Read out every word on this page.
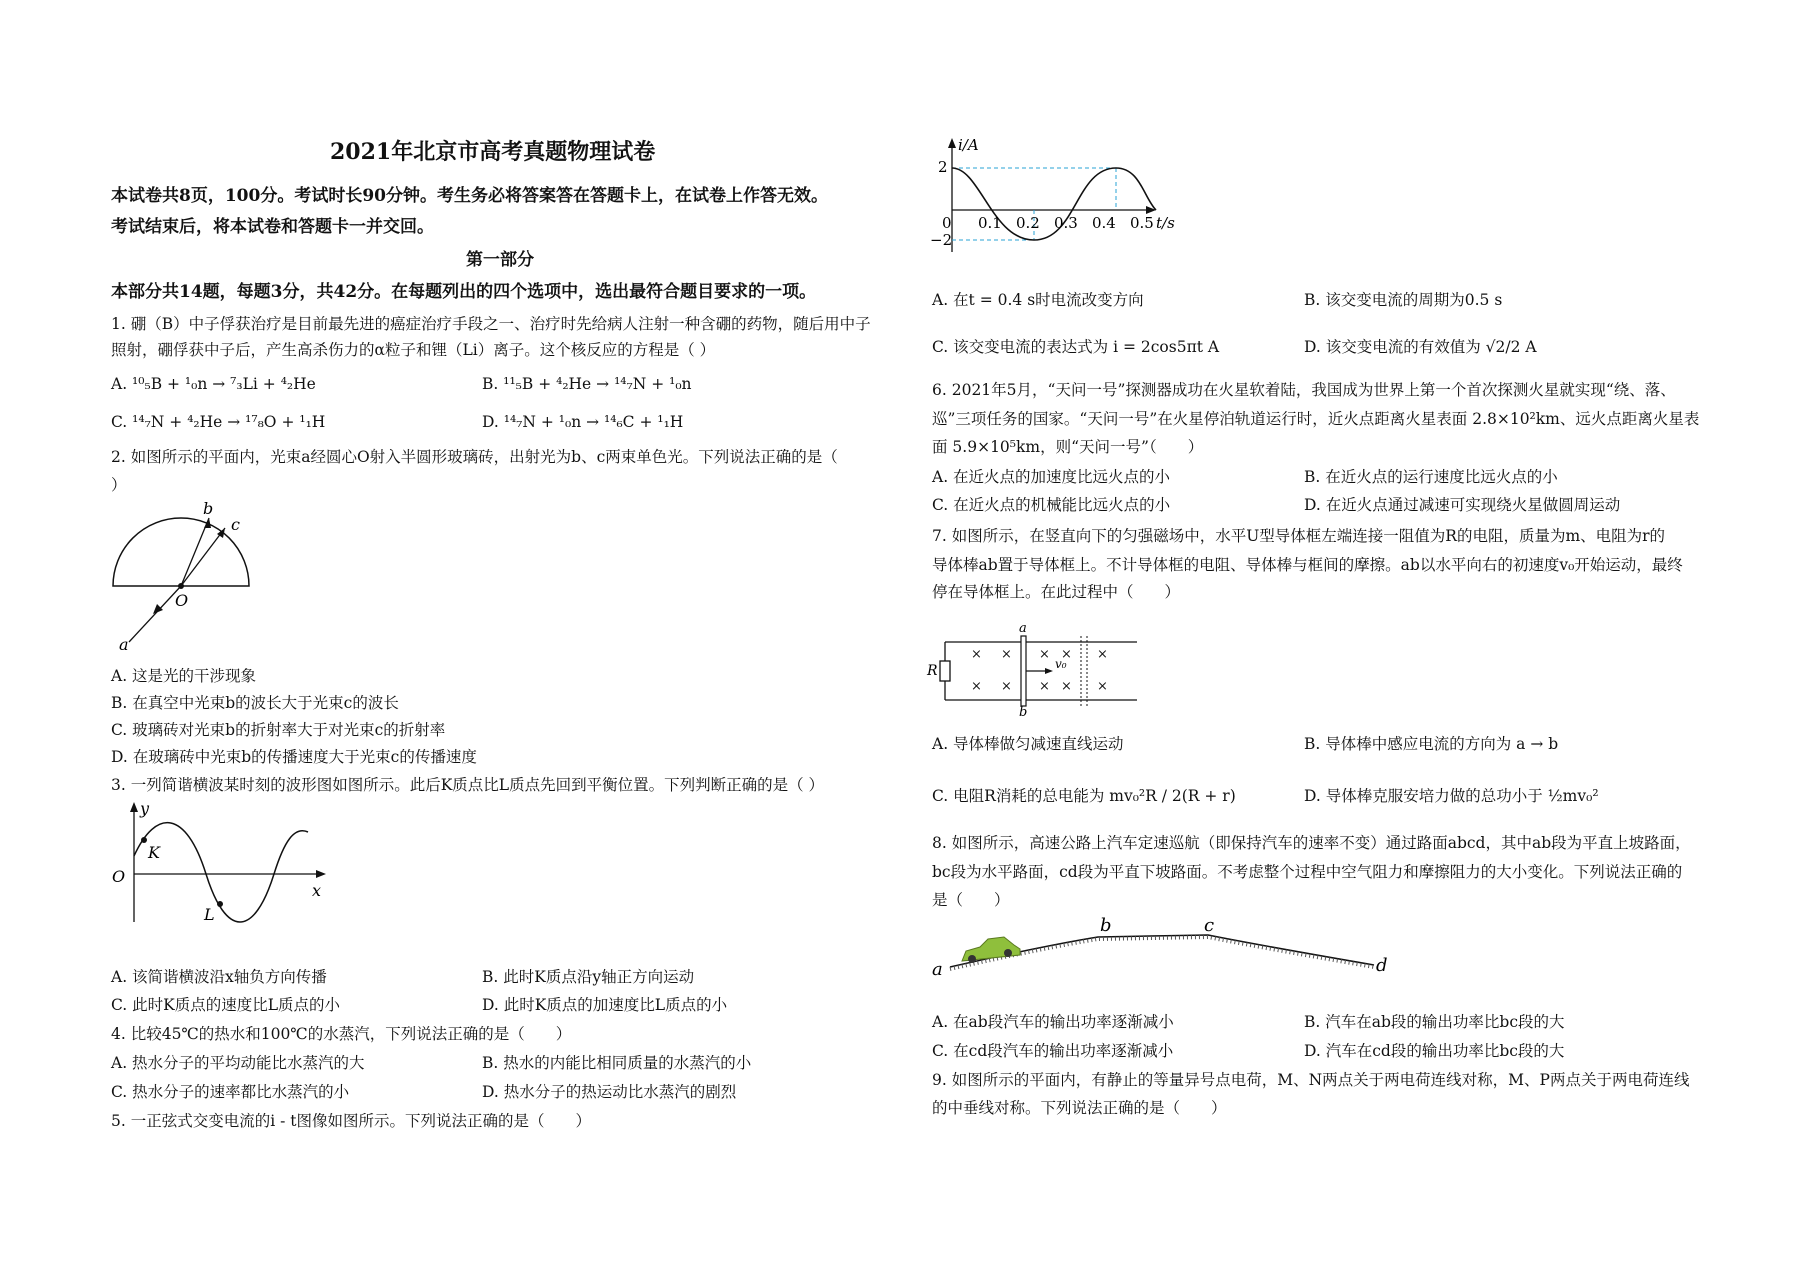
2021年北京市高考真题物理试卷
本试卷共8页，100分。考试时长90分钟。考生务必将答案答在答题卡上，在试卷上作答无效。
考试结束后，将本试卷和答题卡一并交回。
第一部分
本部分共14题，每题3分，共42分。在每题列出的四个选项中，选出最符合题目要求的一项。
1. 硼（B）中子俘获治疗是目前最先进的癌症治疗手段之一、治疗时先给病人注射一种含硼的药物，随后用中子
照射，硼俘获中子后，产生高杀伤力的α粒子和锂（Li）离子。这个核反应的方程是（ ）
A. ¹⁰₅B + ¹₀n → ⁷₃Li + ⁴₂He	B. ¹¹₅B + ⁴₂He → ¹⁴₇N + ¹₀n
C. ¹⁴₇N + ⁴₂He → ¹⁷₈O + ¹₁H	D. ¹⁴₇N + ¹₀n → ¹⁴₆C + ¹₁H
2. 如图所示的平面内，光束a经圆心O射入半圆形玻璃砖，出射光为b、c两束单色光。下列说法正确的是（
）
a
b
c
O
A. 这是光的干涉现象
B. 在真空中光束b的波长大于光束c的波长
C. 玻璃砖对光束b的折射率大于对光束c的折射率
D. 在玻璃砖中光束b的传播速度大于光束c的传播速度
3. 一列简谐横波某时刻的波形图如图所示。此后K质点比L质点先回到平衡位置。下列判断正确的是（ ）
y
x
O
K
L
A. 该简谐横波沿x轴负方向传播	B. 此时K质点沿y轴正方向运动
C. 此时K质点的速度比L质点的小	D. 此时K质点的加速度比L质点的小
4. 比较45℃的热水和100℃的水蒸汽，下列说法正确的是（　　）
A. 热水分子的平均动能比水蒸汽的大	B. 热水的内能比相同质量的水蒸汽的小
C. 热水分子的速率都比水蒸汽的小	D. 热水分子的热运动比水蒸汽的剧烈
5. 一正弦式交变电流的i - t图像如图所示。下列说法正确的是（　　）
i/A
t/s
2
−2
0 0.1 0.2 0.3 0.4 0.5
A. 在t = 0.4 s时电流改变方向	B. 该交变电流的周期为0.5 s
C. 该交变电流的表达式为 i = 2cos5πt A	D. 该交变电流的有效值为 √2/2 A
6. 2021年5月，“天问一号”探测器成功在火星软着陆，我国成为世界上第一个首次探测火星就实现“绕、落、
巡”三项任务的国家。“天问一号”在火星停泊轨道运行时，近火点距离火星表面 2.8×10²km、远火点距离火星表
面 5.9×10⁵km，则“天问一号”（　　）
A. 在近火点的加速度比远火点的小	B. 在近火点的运行速度比远火点的小
C. 在近火点的机械能比远火点的小	D. 在近火点通过减速可实现绕火星做圆周运动
7. 如图所示，在竖直向下的匀强磁场中，水平U型导体框左端连接一阻值为R的电阻，质量为m、电阻为r的
导体棒ab置于导体框上。不计导体框的电阻、导体棒与框间的摩擦。ab以水平向右的初速度v₀开始运动，最终
停在导体框上。在此过程中（　　）
× × × × ×
× × × × ×
R
a
b
v₀
A. 导体棒做匀减速直线运动	B. 导体棒中感应电流的方向为 a → b
C. 电阻R消耗的总电能为 mv₀²R / 2(R + r)	D. 导体棒克服安培力做的总功小于 ½mv₀²
8. 如图所示，高速公路上汽车定速巡航（即保持汽车的速率不变）通过路面abcd，其中ab段为平直上坡路面，
bc段为水平路面，cd段为平直下坡路面。不考虑整个过程中空气阻力和摩擦阻力的大小变化。下列说法正确的
是（　　）
a
b	c
d
A. 在ab段汽车的输出功率逐渐减小	B. 汽车在ab段的输出功率比bc段的大
C. 在cd段汽车的输出功率逐渐减小	D. 汽车在cd段的输出功率比bc段的大
9. 如图所示的平面内，有静止的等量异号点电荷，M、N两点关于两电荷连线对称，M、P两点关于两电荷连线
的中垂线对称。下列说法正确的是（　　）
